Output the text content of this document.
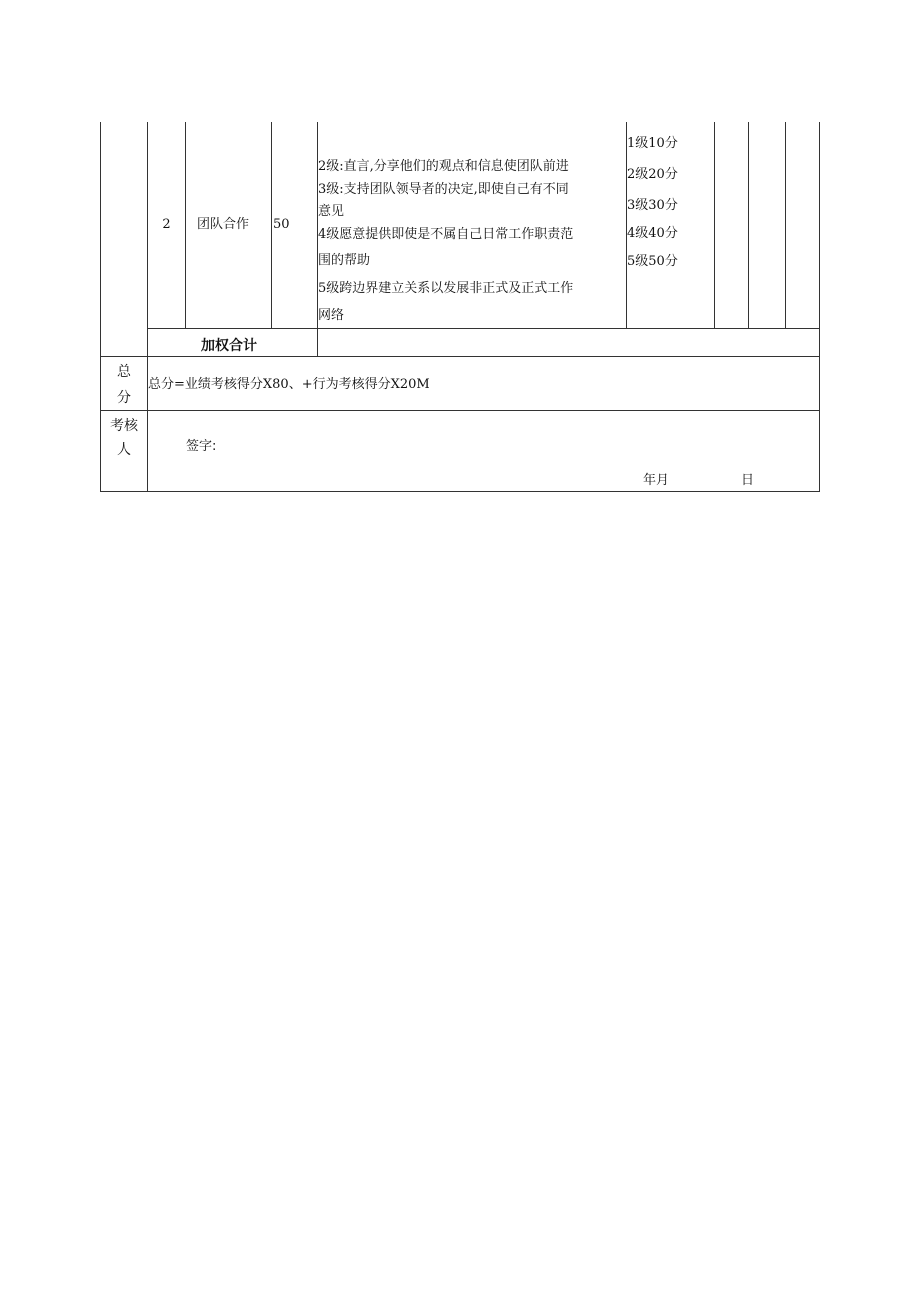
2	团队合作 50
2级:直言,分享他们的观点和信息使团队前进
3级:支持团队领导者的决定,即使自己有不同
意见
4级愿意提供即使是不属自己日常工作职责范
围的帮助
5级跨边界建立关系以发展非正式及正式工作
网络
1级10分
2级20分
3级30分
4级40分
5级50分
加权合计
总
分
总分=业绩考核得分X80、+行为考核得分X20M
考核
人	签字:
年月	日
